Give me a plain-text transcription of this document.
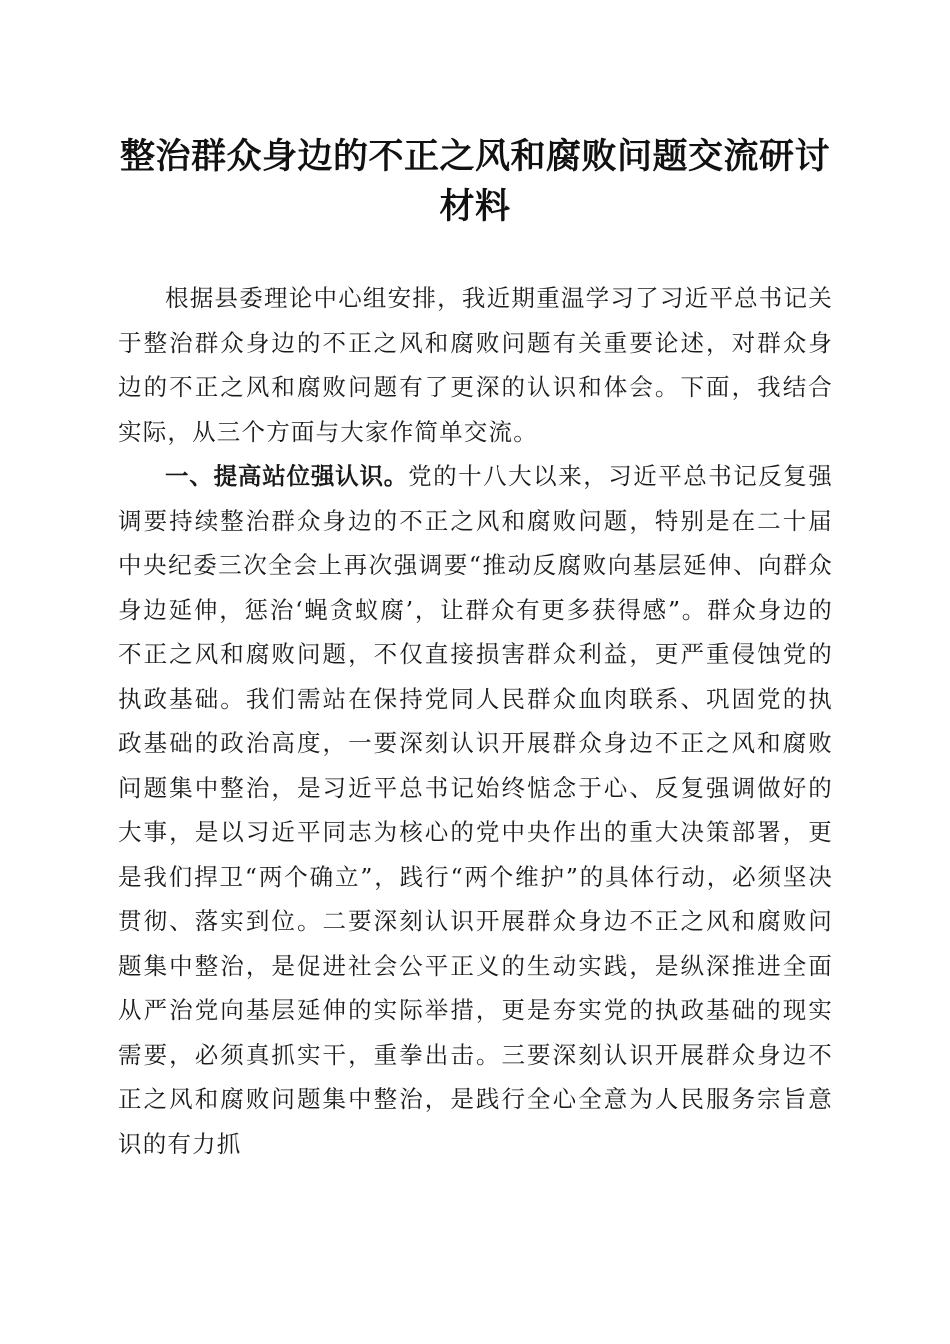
整治群众身边的不正之风和腐败问题交流研讨
材料

根据县委理论中心组安排，我近期重温学习了习近平总书记关于整治群众身边的不正之风和腐败问题有关重要论述，对群众身边的不正之风和腐败问题有了更深的认识和体会。下面，我结合实际，从三个方面与大家作简单交流。

一、提高站位强认识。党的十八大以来，习近平总书记反复强调要持续整治群众身边的不正之风和腐败问题，特别是在二十届中央纪委三次全会上再次强调要“推动反腐败向基层延伸、向群众身边延伸，惩治‘蝇贪蚁腐’，让群众有更多获得感”。群众身边的不正之风和腐败问题，不仅直接损害群众利益，更严重侵蚀党的执政基础。我们需站在保持党同人民群众血肉联系、巩固党的执政基础的政治高度，一要深刻认识开展群众身边不正之风和腐败问题集中整治，是习近平总书记始终惦念于心、反复强调做好的大事，是以习近平同志为核心的党中央作出的重大决策部署，更是我们捍卫“两个确立”，践行“两个维护”的具体行动，必须坚决贯彻、落实到位。二要深刻认识开展群众身边不正之风和腐败问题集中整治，是促进社会公平正义的生动实践，是纵深推进全面从严治党向基层延伸的实际举措，更是夯实党的执政基础的现实需要，必须真抓实干，重拳出击。三要深刻认识开展群众身边不正之风和腐败问题集中整治，是践行全心全意为人民服务宗旨意识的有力抓
